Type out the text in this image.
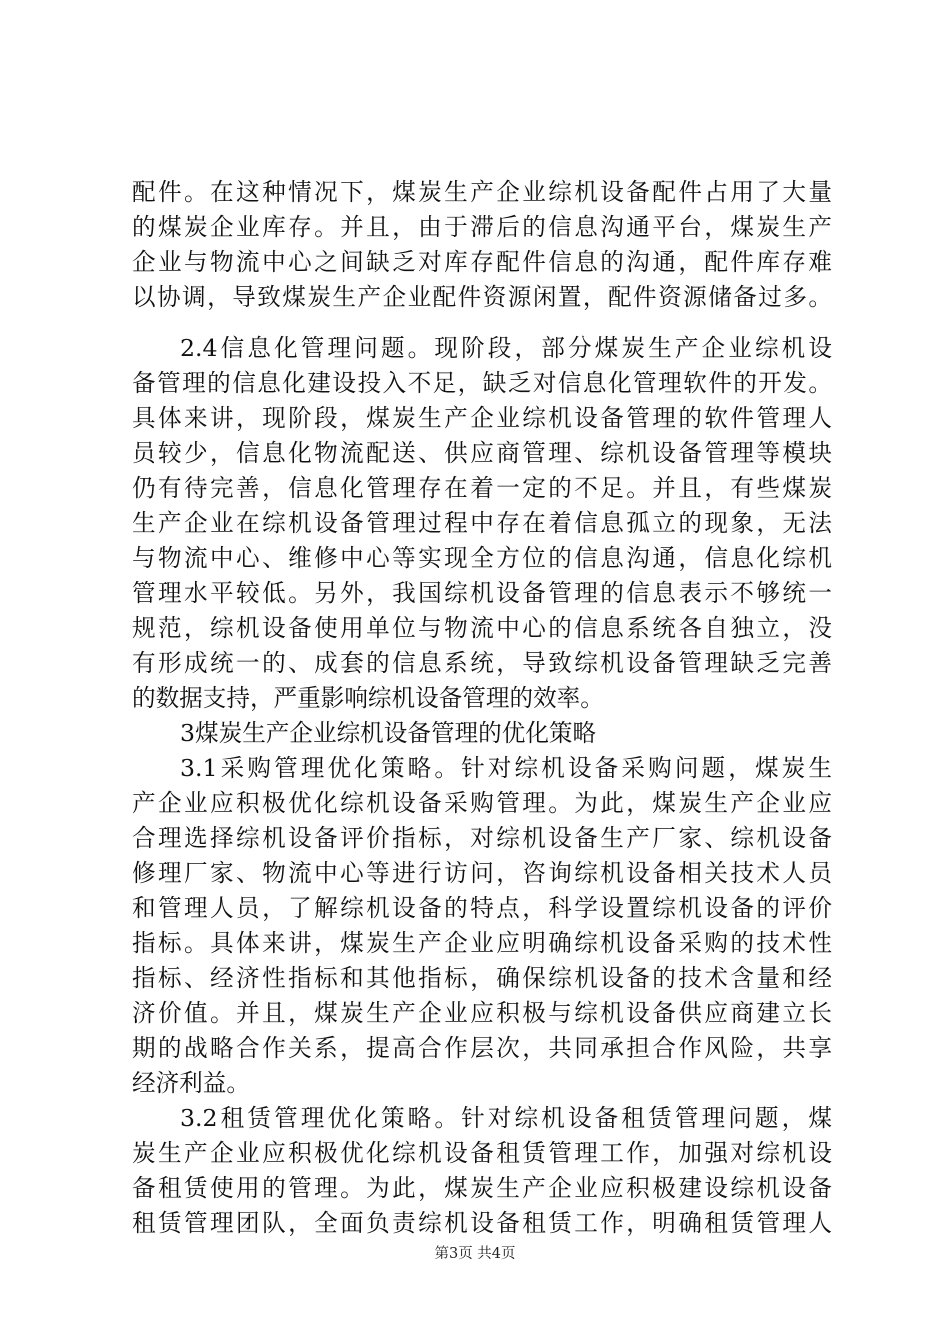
配件。在这种情况下，煤炭生产企业综机设备配件占用了大量
的煤炭企业库存。并且，由于滞后的信息沟通平台，煤炭生产
企业与物流中心之间缺乏对库存配件信息的沟通，配件库存难
以协调，导致煤炭生产企业配件资源闲置，配件资源储备过多。
2.4信息化管理问题。现阶段，部分煤炭生产企业综机设
备管理的信息化建设投入不足，缺乏对信息化管理软件的开发。
具体来讲，现阶段，煤炭生产企业综机设备管理的软件管理人
员较少，信息化物流配送、供应商管理、综机设备管理等模块
仍有待完善，信息化管理存在着一定的不足。并且，有些煤炭
生产企业在综机设备管理过程中存在着信息孤立的现象，无法
与物流中心、维修中心等实现全方位的信息沟通，信息化综机
管理水平较低。另外，我国综机设备管理的信息表示不够统一
规范，综机设备使用单位与物流中心的信息系统各自独立，没
有形成统一的、成套的信息系统，导致综机设备管理缺乏完善
的数据支持，严重影响综机设备管理的效率。
3煤炭生产企业综机设备管理的优化策略
3.1采购管理优化策略。针对综机设备采购问题，煤炭生
产企业应积极优化综机设备采购管理。为此，煤炭生产企业应
合理选择综机设备评价指标，对综机设备生产厂家、综机设备
修理厂家、物流中心等进行访问，咨询综机设备相关技术人员
和管理人员，了解综机设备的特点，科学设置综机设备的评价
指标。具体来讲，煤炭生产企业应明确综机设备采购的技术性
指标、经济性指标和其他指标，确保综机设备的技术含量和经
济价值。并且，煤炭生产企业应积极与综机设备供应商建立长
期的战略合作关系，提高合作层次，共同承担合作风险，共享
经济利益。
3.2租赁管理优化策略。针对综机设备租赁管理问题，煤
炭生产企业应积极优化综机设备租赁管理工作，加强对综机设
备租赁使用的管理。为此，煤炭生产企业应积极建设综机设备
租赁管理团队，全面负责综机设备租赁工作，明确租赁管理人
第3页 共4页
